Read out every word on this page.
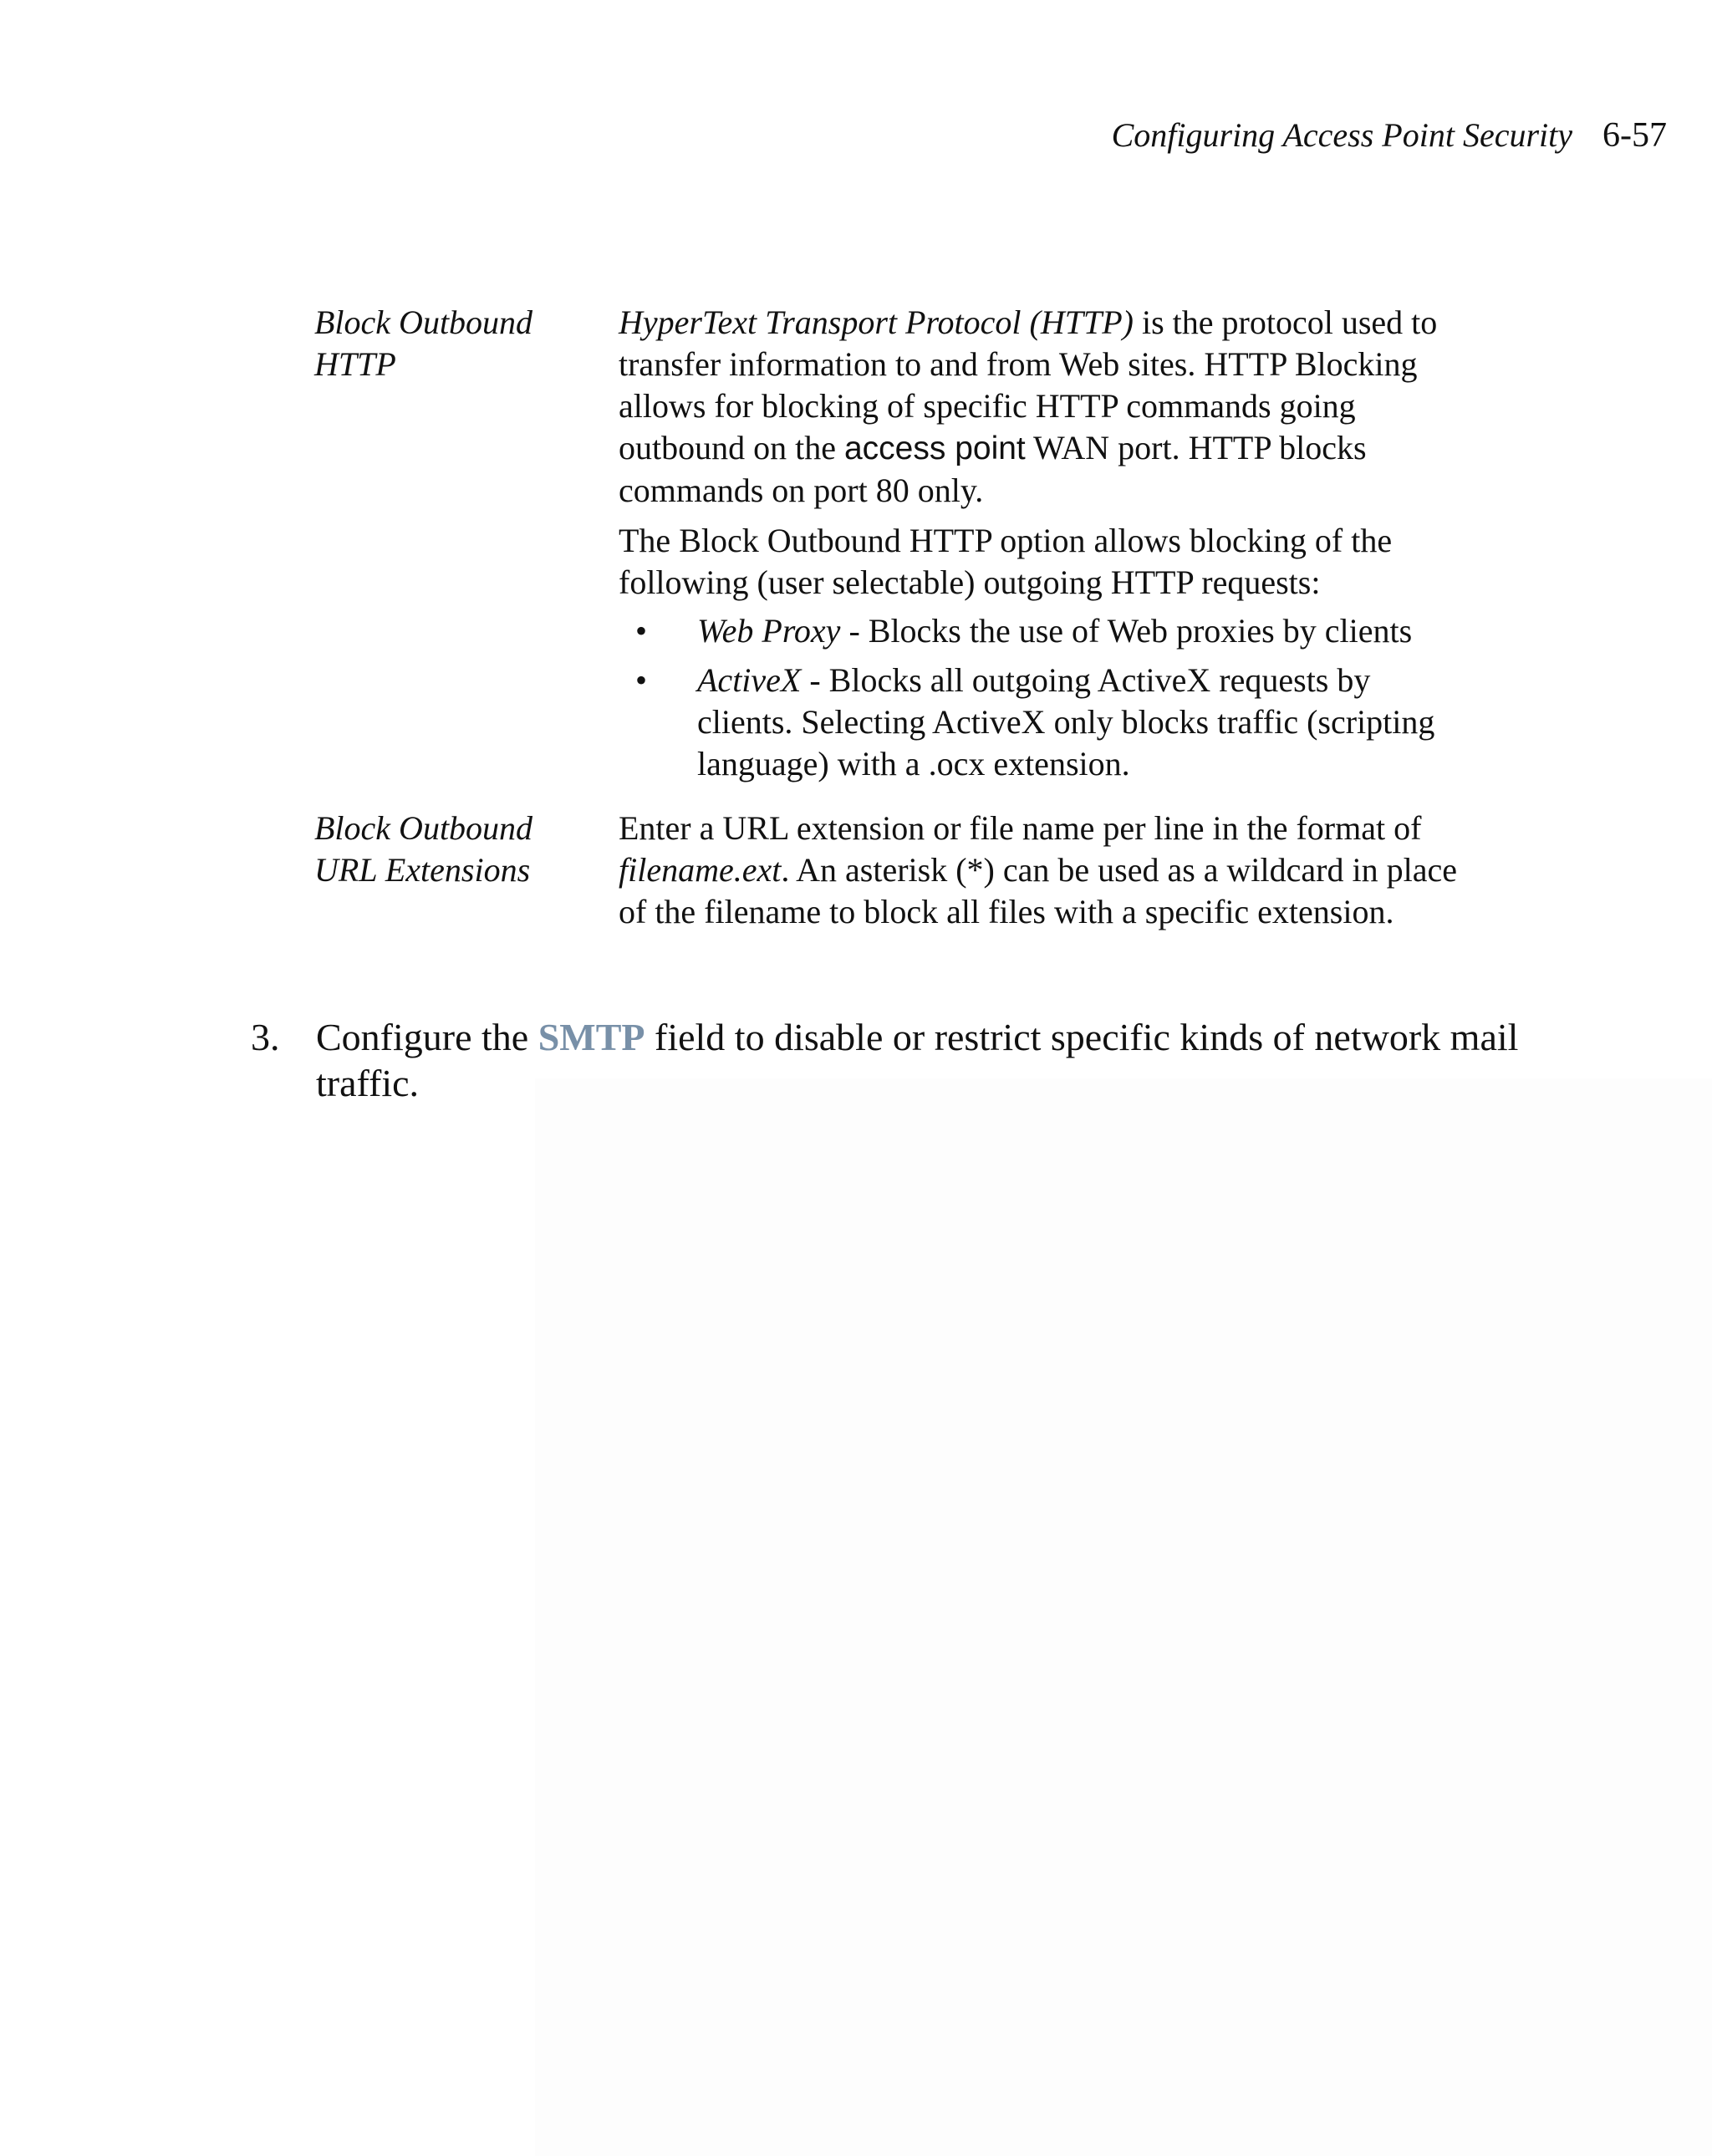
Configuring Access Point Security 6-57
Block Outbound
HTTP

HyperText Transport Protocol (HTTP) is the protocol used to transfer information to and from Web sites. HTTP Blocking allows for blocking of specific HTTP commands going outbound on the access point WAN port. HTTP blocks commands on port 80 only.

The Block Outbound HTTP option allows blocking of the following (user selectable) outgoing HTTP requests:

• Web Proxy - Blocks the use of Web proxies by clients
• ActiveX - Blocks all outgoing ActiveX requests by clients. Selecting ActiveX only blocks traffic (scripting language) with a .ocx extension.
Block Outbound
URL Extensions

Enter a URL extension or file name per line in the format of filename.ext. An asterisk (*) can be used as a wildcard in place of the filename to block all files with a specific extension.

3. Configure the SMTP field to disable or restrict specific kinds of network mail traffic.
